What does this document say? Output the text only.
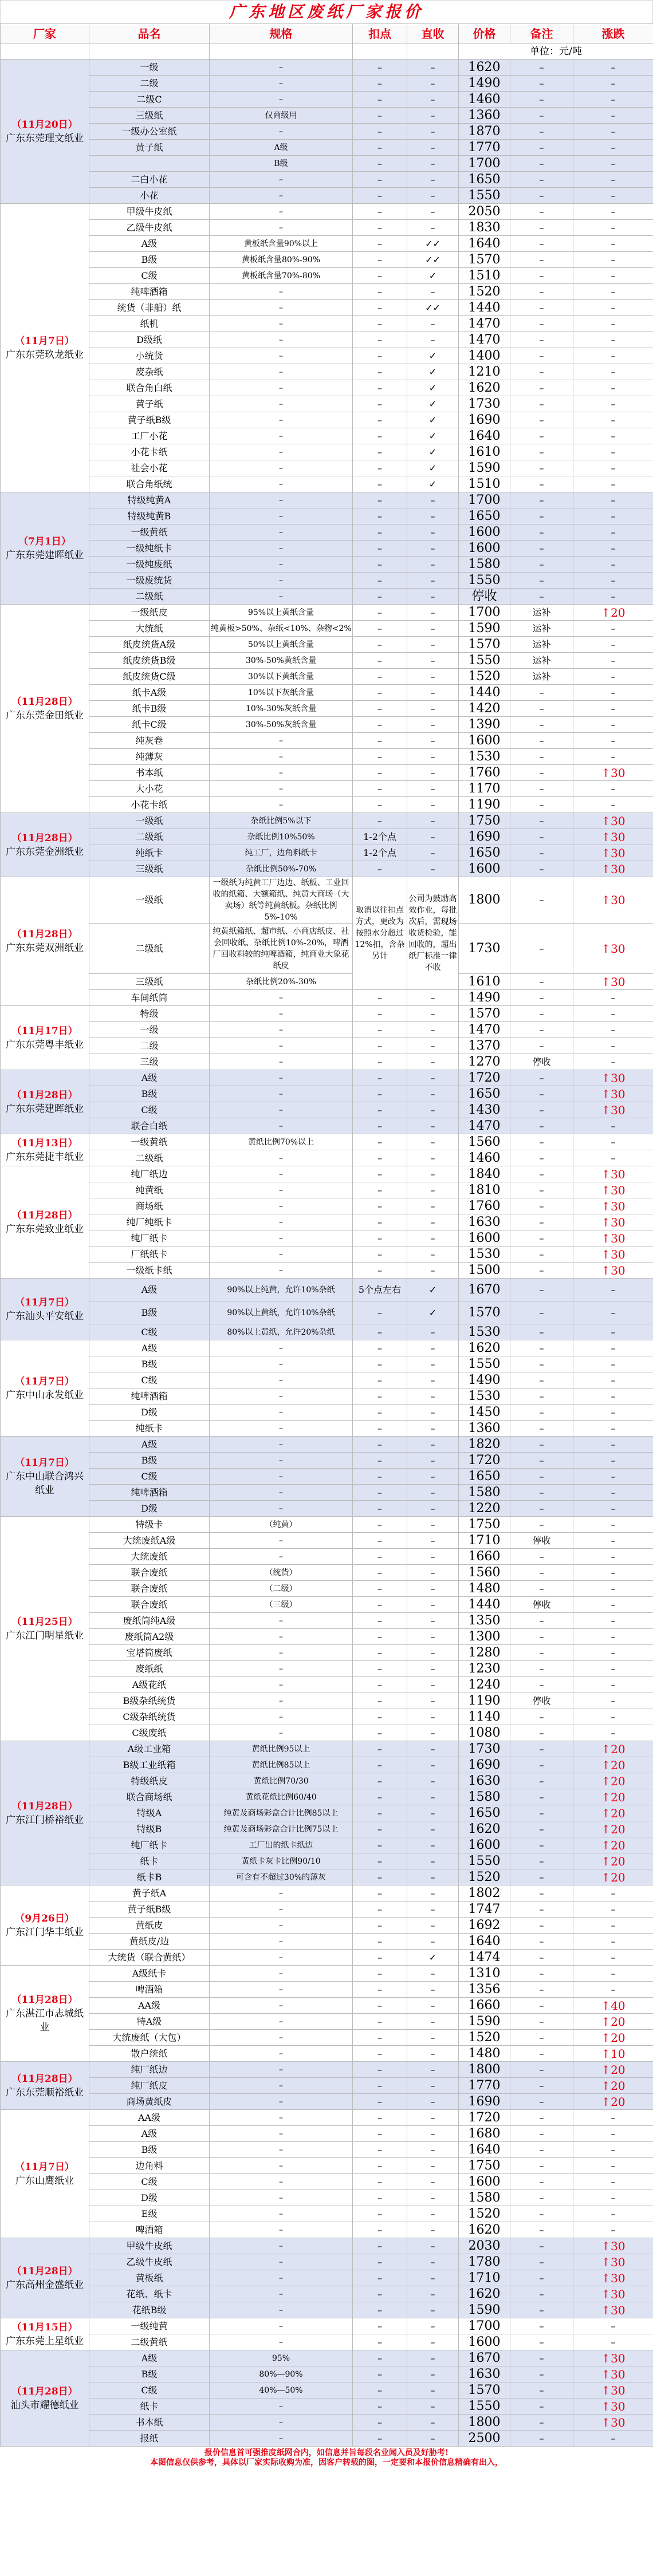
广东地区废纸厂家报价
厂家	品名	规格	扣点	直收	价格	备注	涨跌
					单位：元/吨		
（11月20日）
广东东莞理文纸业	一级	–	–	–	1620	–	–
	二级	–	–	–	1490	–	–
	二级C	–	–	–	1460	–	–
	三级纸	仅商级用	–	–	1360	–	–
	一级办公室纸	–	–	–	1870	–	–
	黄子纸	A级	–	–	1770	–	–
		B级	–	–	1700	–	–
	二白小花	–	–	–	1650	–	–
	小花	–	–	–	1550	–	–
（11月7日）
广东东莞玖龙纸业	甲级牛皮纸	–	–	–	2050	–	–
	乙级牛皮纸	–	–	–	1830	–	–
	A级	黄板纸含量90%以上	–	✓✓	1640	–	–
	B级	黄板纸含量80%-90%	–	✓✓	1570	–	–
	C级	黄板纸含量70%-80%	–	✓	1510	–	–
	纯啤酒箱	–	–	–	1520	–	–
	统货（非船）纸	–	–	✓✓	1440	–	–
	纸机	–	–	–	1470	–	–
	D级纸	–	–	–	1470	–	–
	小统货	–	–	✓	1400	–	–
	废杂纸	–	–	✓	1210	–	–
	联合角白纸	–	–	✓	1620	–	–
	黄子纸	–	–	✓	1730	–	–
	黄子纸B级	–	–	✓	1690	–	–
	工厂小花	–	–	✓	1640	–	–
	小花卡纸	–	–	✓	1610	–	–
	社会小花	–	–	✓	1590	–	–
	联合角纸统	–	–	✓	1510	–	–
（7月1日）
广东东莞建晖纸业	特级纯黄A	–	–	–	1700	–	–
	特级纯黄B	–	–	–	1650	–	–
	一级黄纸	–	–	–	1600	–	–
	一级纯纸卡	–	–	–	1600	–	–
	一级纯废纸	–	–	–	1580	–	–
	一级废统货	–	–	–	1550	–	–
	二级纸	–	–	–	停收	–	–
（11月28日）
广东东莞金田纸业	一级纸皮	95%以上黄纸含量	–	–	1700	运补	↑20
	大统纸	纯黄板>50%、杂纸<10%、杂物<2%	–	–	1590	运补	–
	纸皮统货A级	50%以上黄纸含量	–	–	1570	运补	–
	纸皮统货B级	30%-50%黄纸含量	–	–	1550	运补	–
	纸皮统货C级	30%以下黄纸含量	–	–	1520	运补	–
	纸卡A级	10%以下灰纸含量	–	–	1440	–	–
	纸卡B级	10%-30%灰纸含量	–	–	1420	–	–
	纸卡C级	30%-50%灰纸含量	–	–	1390	–	–
	纯灰卷	–	–	–	1600	–	–
	纯薄灰	–	–	–	1530	–	–
	书本纸	–	–	–	1760	–	↑30
	大小花	–	–	–	1170	–	–
	小花卡纸	–	–	–	1190	–	–
（11月28日）
广东东莞金洲纸业	一级纸	杂纸比例5%以下	–	–	1750	–	↑30
	二级纸	杂纸比例10%50%	1-2个点	–	1690	–	↑30
	纯纸卡	纯工厂，边角料纸卡	1-2个点	–	1650	–	↑30
	三级纸	杂纸比例50%-70%	–	–	1600	–	↑30
（11月28日）
广东东莞双洲纸业	一级纸	一级纸为纯黄工厂边边、纸板、工业回收的纸箱、大额箱纸、纯黄大商场（大卖场）纸等纯黄纸板。杂纸比例5%-10%	取消以往扣点方式，更改为按照水分超过12%扣，含杂另计	公司为鼓励高效作业，每批次后，需现场收货检验，能回收的，超出纸厂标准一律不收	1800	–	↑30
	二级纸	纯黄纸箱纸、超市纸、小商店纸皮、社会回收纸、杂纸比例10%-20%，啤酒厂回收料较的纯啤酒箱，纯商业大象花纸皮			1730	–	↑30
	三级纸	杂纸比例20%-30%			1610	–	↑30
	车间纸筒	–	–	–	1490	–	–
（11月17日）
广东东莞粤丰纸业	特级	–	–	–	1570	–	–
	一级	–	–	–	1470	–	–
	二级	–	–	–	1370	–	–
	三级	–	–	–	1270	停收	–
（11月28日）
广东东莞建晖纸业	A级	–	–	–	1720	–	↑30
	B级	–	–	–	1650	–	↑30
	C级	–	–	–	1430	–	↑30
	联合白纸	–	–	–	1470	–	–
（11月13日）
广东东莞捷丰纸业	一级黄纸	黄纸比例70%以上	–	–	1560	–	–
	二级纸	–	–	–	1460	–	–
（11月28日）
广东东莞致业纸业	纯厂纸边	–	–	–	1840	–	↑30
	纯黄纸	–	–	–	1810	–	↑30
	商场纸	–	–	–	1760	–	↑30
	纯厂纯纸卡	–	–	–	1630	–	↑30
	纯厂纸卡	–	–	–	1600	–	↑30
	厂纸纸卡	–	–	–	1530	–	↑30
	一级纸卡纸	–	–	–	1500	–	↑30
（11月7日）
广东汕头平安纸业	A级	90%以上纯黄，允许10%杂纸	5个点左右	✓	1670	–	–
	B级	90%以上黄纸，允许10%杂纸	–	✓	1570	–	–
	C级	80%以上黄纸，允许20%杂纸	–	–	1530	–	–
（11月7日）
广东中山永发纸业	A级	–	–	–	1620	–	–
	B级	–	–	–	1550	–	–
	C级	–	–	–	1490	–	–
	纯啤酒箱	–	–	–	1530	–	–
	D级	–	–	–	1450	–	–
	纯纸卡	–	–	–	1360	–	–
（11月7日）
广东中山联合鸿兴纸业	A级	–	–	–	1820	–	–
	B级	–	–	–	1720	–	–
	C级	–	–	–	1650	–	–
	纯啤酒箱	–	–	–	1580	–	–
	D级	–	–	–	1220	–	–
（11月25日）
广东江门明星纸业	特级卡	（纯黄）	–	–	1750	–	–
	大统废纸A级	–	–	–	1710	停收	–
	大统废纸	–	–	–	1660	–	–
	联合废纸	（统货）	–	–	1560	–	–
	联合废纸	（二级）	–	–	1480	–	–
	联合废纸	（三级）	–	–	1440	停收	–
	废纸筒纯A级	–	–	–	1350	–	–
	废纸筒A2级	–	–	–	1300	–	–
	宝塔筒废纸	–	–	–	1280	–	–
	废纸纸	–	–	–	1230	–	–
	A级花纸	–	–	–	1240	–	–
	B级杂纸统货	–	–	–	1190	停收	–
	C级杂纸统货	–	–	–	1140	–	–
	C级废纸	–	–	–	1080	–	–
（11月28日）
广东江门桥裕纸业	A级工业箱	黄纸比例95以上	–	–	1730	–	↑20
	B级工业纸箱	黄纸比例85以上	–	–	1690	–	↑20
	特级纸皮	黄纸比例70/30	–	–	1630	–	↑20
	联合商场纸	黄纸花纸比例60/40	–	–	1580	–	↑20
	特级A	纯黄及商场彩盒合计比例85以上	–	–	1650	–	↑20
	特级B	纯黄及商场彩盒合计比例75以上	–	–	1620	–	↑20
	纯厂纸卡	工厂出的纸卡纸边	–	–	1600	–	↑20
	纸卡	黄纸卡灰卡比例90/10	–	–	1550	–	↑20
	纸卡B	可含有不超过30%的薄灰	–	–	1520	–	↑20
（9月26日）
广东江门华丰纸业	黄子纸A	–	–	–	1802	–	–
	黄子纸B级	–	–	–	1747	–	–
	黄纸皮	–	–	–	1692	–	–
	黄纸皮/边	–	–	–	1640	–	–
	大统货（联合黄纸）	–	–	✓	1474	–	–
（11月28日）
广东湛江市志城纸业	A级纸卡	–	–	–	1310	–	–
	啤酒箱	–	–	–	1356	–	–
	AA级	–	–	–	1660	–	↑40
	特A级	–	–	–	1590	–	↑20
	大统废纸（大包）	–	–	–	1520	–	↑20
	散户统纸	–	–	–	1480	–	↑10
（11月28日）
广东东莞顺裕纸业	纯厂纸边	–	–	–	1800	–	↑20
	纯厂纸皮	–	–	–	1770	–	↑20
	商场黄纸皮	–	–	–	1690	–	↑20
（11月7日）
广东山鹰纸业	AA级	–	–	–	1720	–	–
	A级	–	–	–	1680	–	–
	B级	–	–	–	1640	–	–
	边角料	–	–	–	1750	–	–
	C级	–	–	–	1600	–	–
	D级	–	–	–	1580	–	–
	E级	–	–	–	1520	–	–
	啤酒箱	–	–	–	1620	–	–
（11月28日）
广东高州金盛纸业	甲级牛皮纸	–	–	–	2030	–	↑30
	乙级牛皮纸	–	–	–	1780	–	↑30
	黄板纸	–	–	–	1710	–	↑30
	花纸、纸卡	–	–	–	1620	–	↑30
	花纸B级	–	–	–	1590	–	↑30
（11月15日）
广东东莞上星纸业	一级纯黄	–	–	–	1700	–	–
	二级黄纸	–	–	–	1600	–	–
（11月28日）
汕头市耀德纸业	A级	95%	–	–	1670	–	↑30
	B级	80%—90%	–	–	1630	–	↑30
	C级	40%—50%	–	–	1570	–	↑30
	纸卡	–	–	–	1550	–	↑30
	书本纸	–	–	–	1800	–	↑30
	报纸	–	–	–	2500	–	–
报价信息首可强推度纸网合内，如信息并旨每段名业闻入员及好胁考!
本图信息仅供参考，具体以厂家实际收购为准，因客户转载的图，一定要和本报价信息精确有出入，
